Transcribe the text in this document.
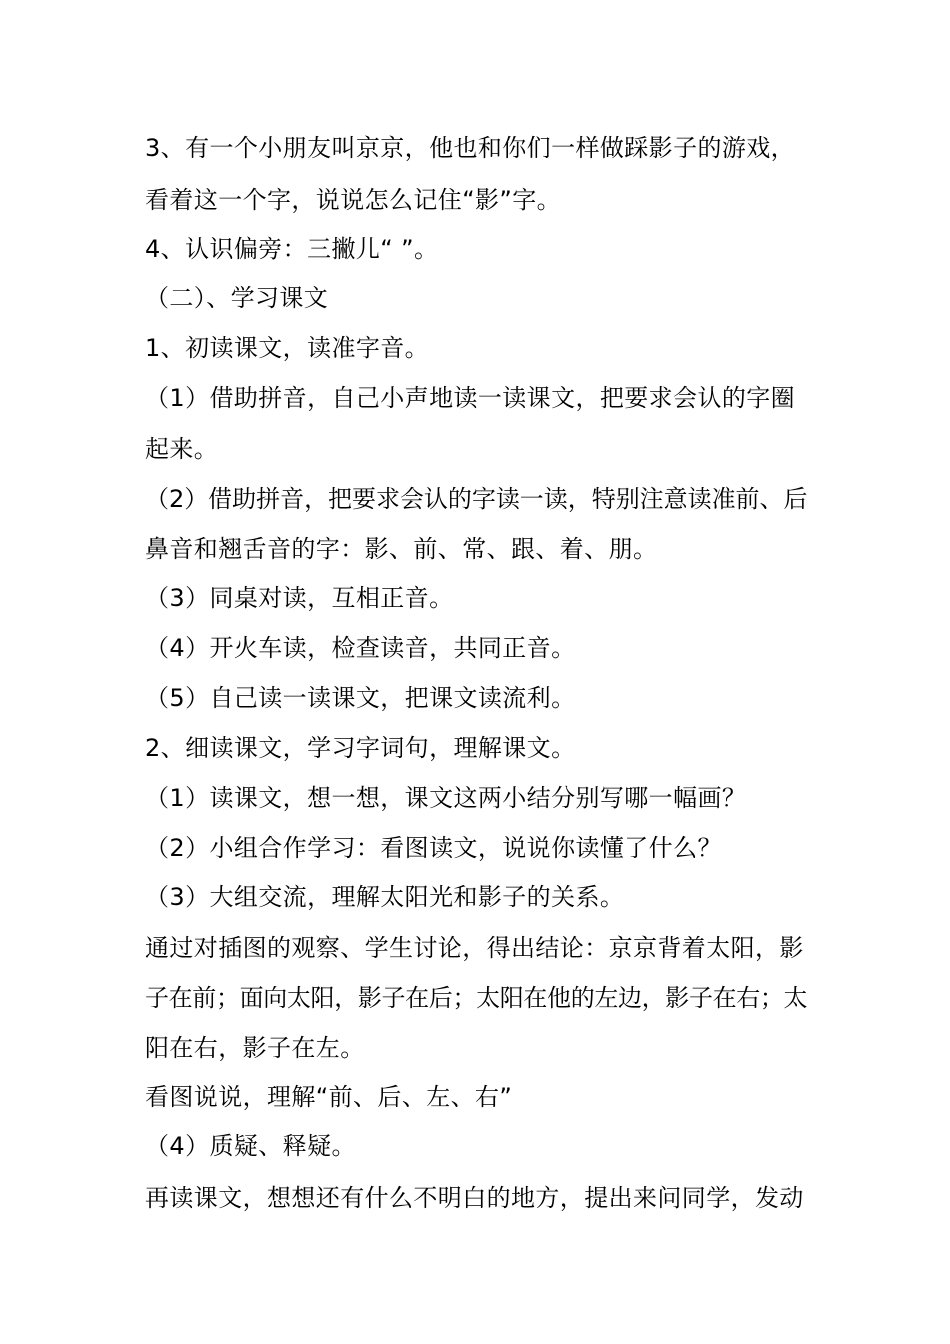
3、有一个小朋友叫京京，他也和你们一样做踩影子的游戏，
看着这一个字，说说怎么记住“影”字。
4、认识偏旁：三撇儿“ ”。
（二）、学习课文
1、初读课文，读准字音。
（1）借助拼音，自己小声地读一读课文，把要求会认的字圈
起来。
（2）借助拼音，把要求会认的字读一读，特别注意读准前、后
鼻音和翘舌音的字：影、前、常、跟、着、朋。
（3）同桌对读，互相正音。
（4）开火车读，检查读音，共同正音。
（5）自己读一读课文，把课文读流利。
2、细读课文，学习字词句，理解课文。
（1）读课文，想一想，课文这两小结分别写哪一幅画？
（2）小组合作学习：看图读文，说说你读懂了什么？
（3）大组交流，理解太阳光和影子的关系。
通过对插图的观察、学生讨论，得出结论：京京背着太阳，影
子在前；面向太阳，影子在后；太阳在他的左边，影子在右；太
阳在右，影子在左。
看图说说，理解“前、后、左、右”
（4）质疑、释疑。
再读课文，想想还有什么不明白的地方，提出来问同学，发动
